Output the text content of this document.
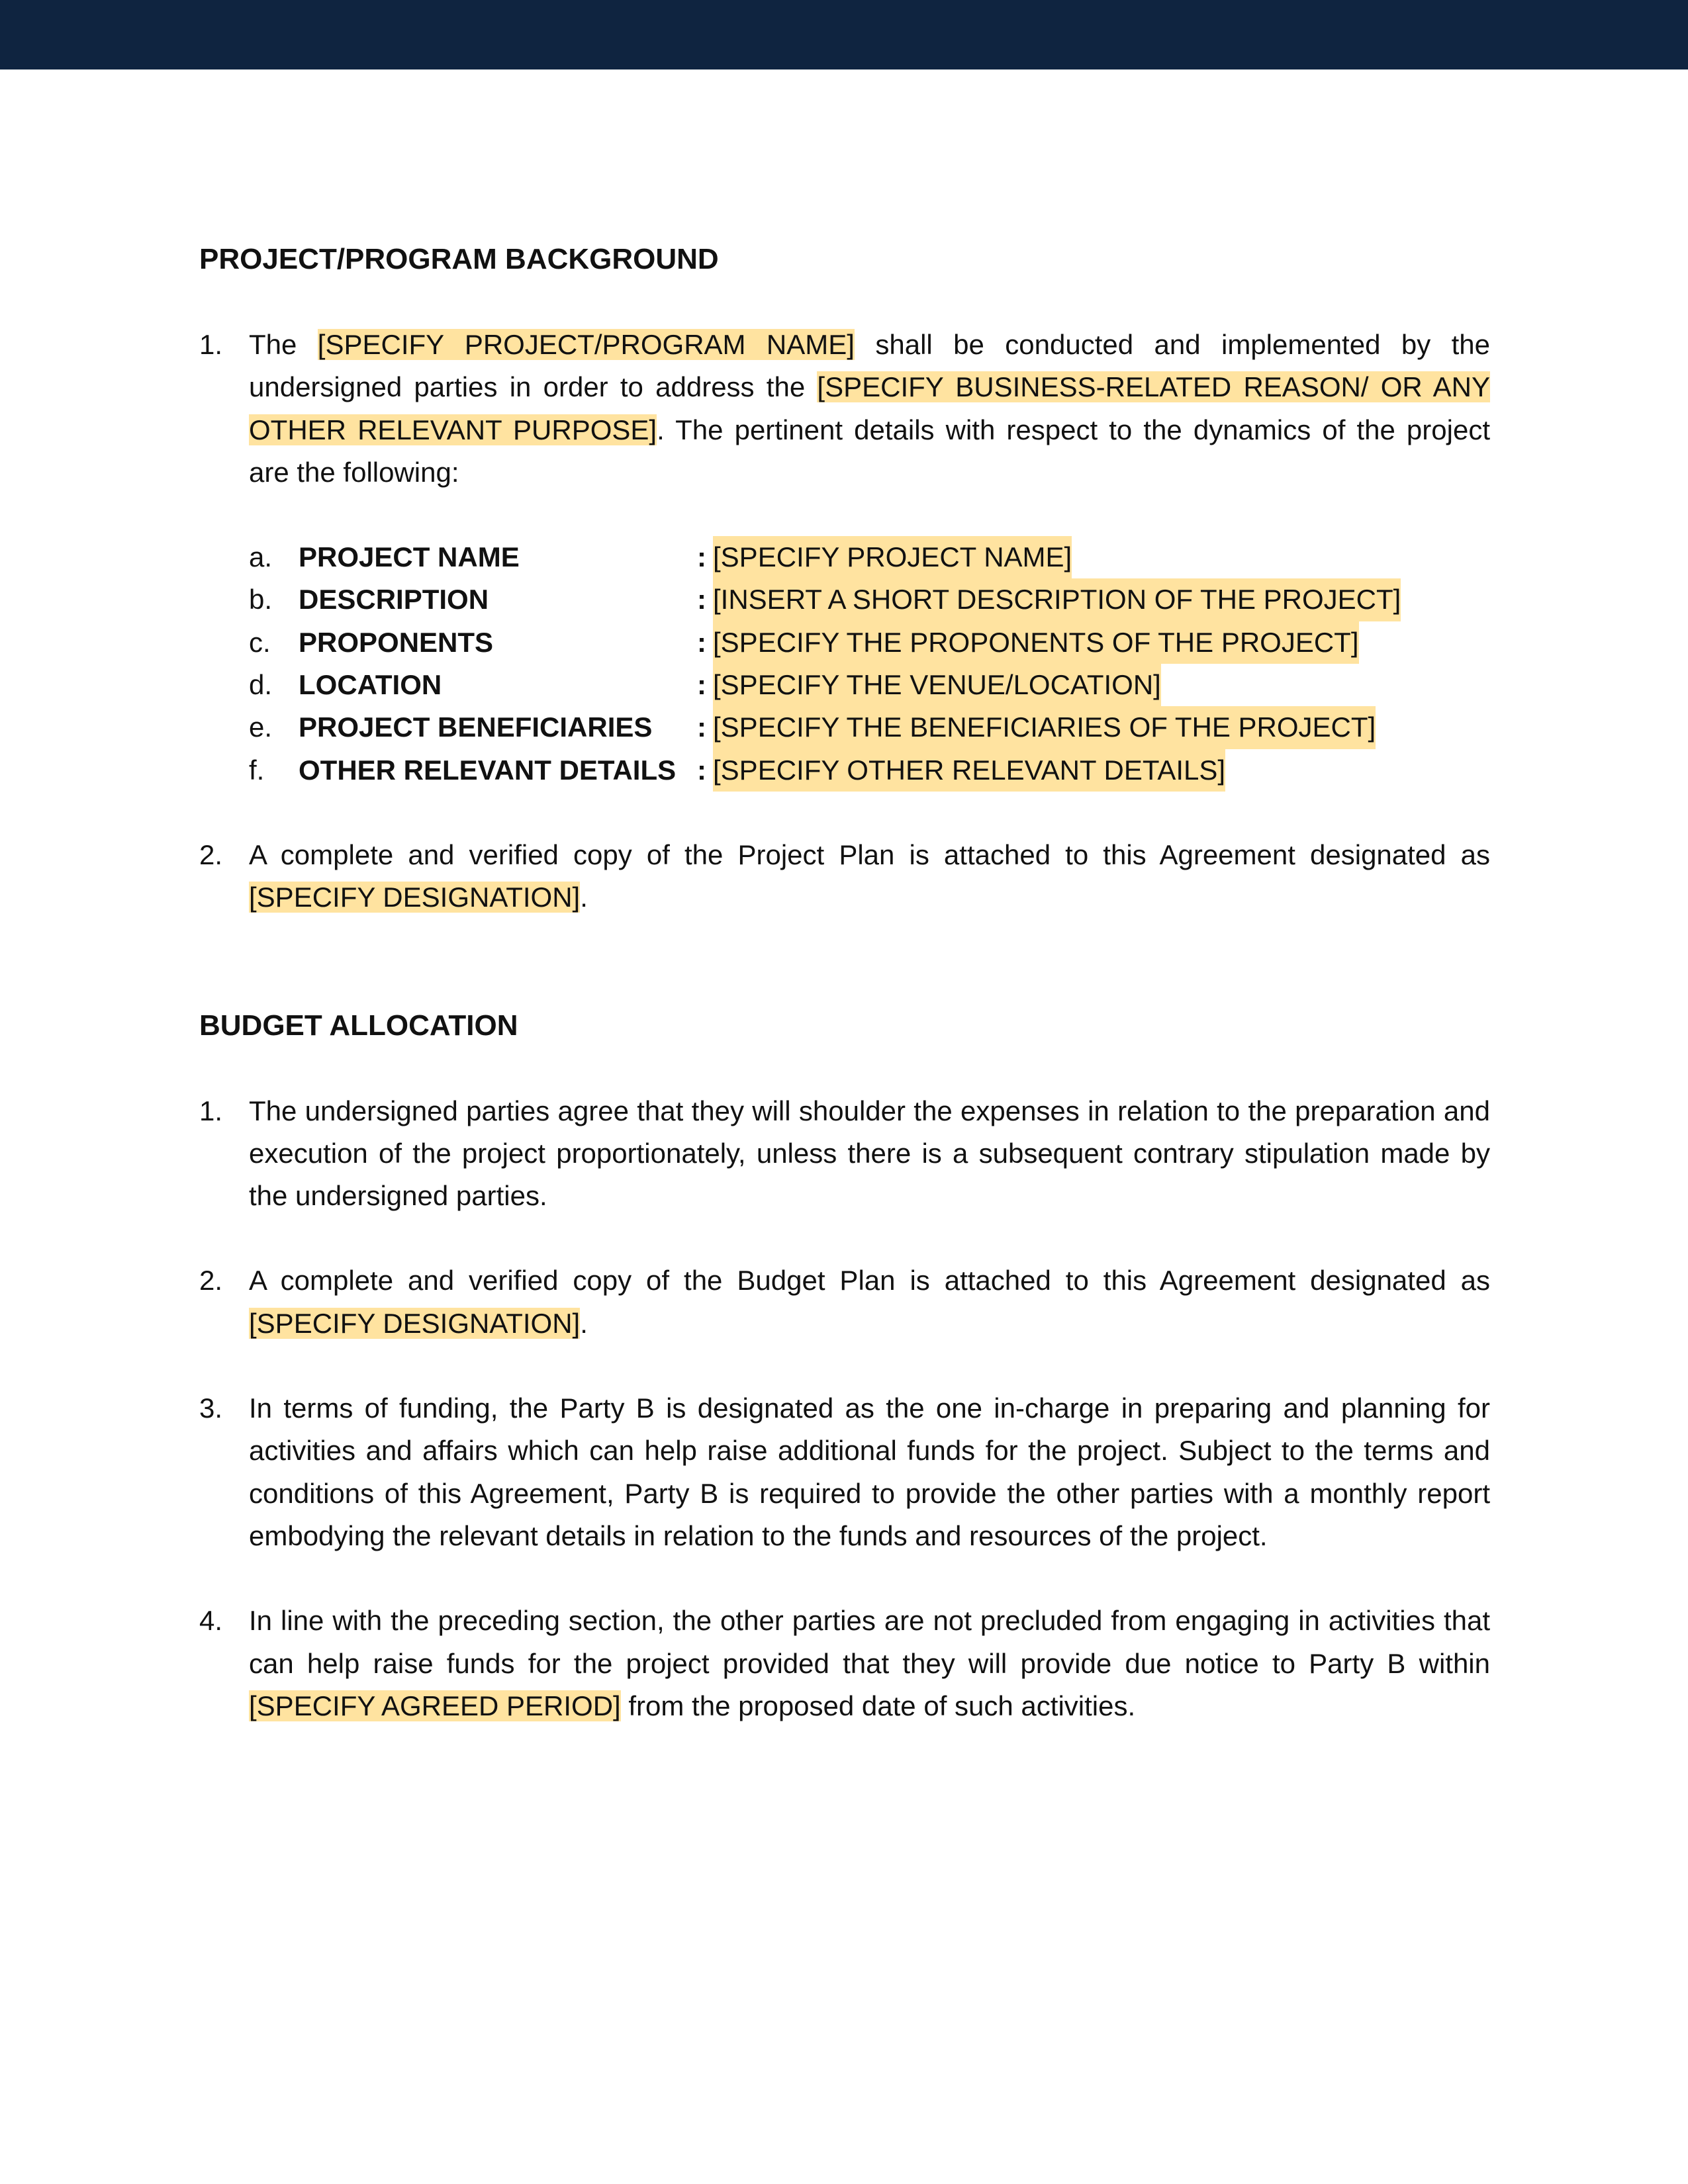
PROJECT/PROGRAM BACKGROUND
1. The [SPECIFY PROJECT/PROGRAM NAME] shall be conducted and implemented by the undersigned parties in order to address the [SPECIFY BUSINESS-RELATED REASON/ OR ANY OTHER RELEVANT PURPOSE]. The pertinent details with respect to the dynamics of the project are the following:
a. PROJECT NAME	: [SPECIFY PROJECT NAME]
b. DESCRIPTION	: [INSERT A SHORT DESCRIPTION OF THE PROJECT]
c.	PROPONENTS	: [SPECIFY THE PROPONENTS OF THE PROJECT]
d. LOCATION	: [SPECIFY THE VENUE/LOCATION]
e. PROJECT BENEFICIARIES	: [SPECIFY THE BENEFICIARIES OF THE PROJECT]
f.	OTHER RELEVANT DETAILS : [SPECIFY OTHER RELEVANT DETAILS]
2. A complete and verified copy of the Project Plan is attached to this Agreement designated as [SPECIFY DESIGNATION].
BUDGET ALLOCATION
1. The undersigned parties agree that they will shoulder the expenses in relation to the preparation and execution of the project proportionately, unless there is a subsequent contrary stipulation made by the undersigned parties.
2. A complete and verified copy of the Budget Plan is attached to this Agreement designated as [SPECIFY DESIGNATION].
3. In terms of funding, the Party B is designated as the one in-charge in preparing and planning for activities and affairs which can help raise additional funds for the project. Subject to the terms and conditions of this Agreement, Party B is required to provide the other parties with a monthly report embodying the relevant details in relation to the funds and resources of the project.
4. In line with the preceding section, the other parties are not precluded from engaging in activities that can help raise funds for the project provided that they will provide due notice to Party B within [SPECIFY AGREED PERIOD] from the proposed date of such activities.
